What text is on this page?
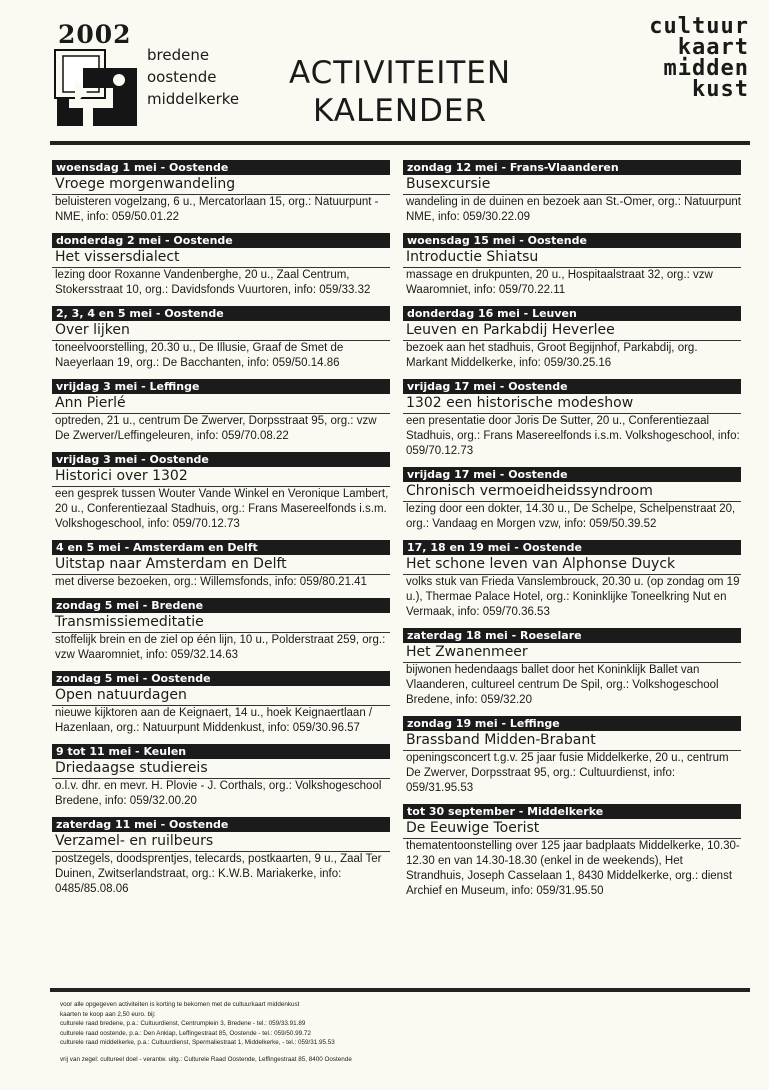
2002
bredene
oostende
middelkerke
ACTIVITEITEN
KALENDER
cultuur
kaart
midden
kust
woensdag 1 mei - Oostende
Vroege morgenwandeling
beluisteren vogelzang, 6 u., Mercatorlaan 15, org.: Natuurpunt - NME, info: 059/50.01.22
donderdag 2 mei - Oostende
Het vissersdialect
lezing door Roxanne Vandenberghe, 20 u., Zaal Centrum, Stokersstraat 10, org.: Davidsfonds Vuurtoren, info: 059/33.32
2, 3, 4 en 5 mei - Oostende
Over lijken
toneelvoorstelling, 20.30 u., De Illusie, Graaf de Smet de Naeyerlaan 19, org.: De Bacchanten, info: 059/50.14.86
vrijdag 3 mei - Leffinge
Ann Pierlé
optreden, 21 u., centrum De Zwerver, Dorpsstraat 95, org.: vzw De Zwerver/Leffingeleuren, info: 059/70.08.22
vrijdag 3 mei - Oostende
Historici over 1302
een gesprek tussen Wouter Vande Winkel en Veronique Lambert, 20 u., Conferentiezaal Stadhuis, org.: Frans Masereelfonds i.s.m. Volkshogeschool, info: 059/70.12.73
4 en 5 mei - Amsterdam en Delft
Uitstap naar Amsterdam en Delft
met diverse bezoeken, org.: Willemsfonds, info: 059/80.21.41
zondag 5 mei - Bredene
Transmissiemeditatie
stoffelijk brein en de ziel op één lijn, 10 u., Polderstraat 259, org.: vzw Waaromniet, info: 059/32.14.63
zondag 5 mei - Oostende
Open natuurdagen
nieuwe kijktoren aan de Keignaert, 14 u., hoek Keignaertlaan / Hazenlaan, org.: Natuurpunt Middenkust, info: 059/30.96.57
9 tot 11 mei - Keulen
Driedaagse studiereis
o.l.v. dhr. en mevr. H. Plovie - J. Corthals, org.: Volkshogeschool Bredene, info: 059/32.00.20
zaterdag 11 mei - Oostende
Verzamel- en ruilbeurs
postzegels, doodsprentjes, telecards, postkaarten, 9 u., Zaal Ter Duinen, Zwitserlandstraat, org.: K.W.B. Mariakerke, info: 0485/85.08.06
zondag 12 mei - Frans-Vlaanderen
Busexcursie
wandeling in de duinen en bezoek aan St.-Omer, org.: Natuurpunt NME, info: 059/30.22.09
woensdag 15 mei - Oostende
Introductie Shiatsu
massage en drukpunten, 20 u., Hospitaalstraat 32, org.: vzw Waaromniet, info: 059/70.22.11
donderdag 16 mei - Leuven
Leuven en Parkabdij Heverlee
bezoek aan het stadhuis, Groot Begijnhof, Parkabdij, org. Markant Middelkerke, info: 059/30.25.16
vrijdag 17 mei - Oostende
1302 een historische modeshow
een presentatie door Joris De Sutter, 20 u., Conferentiezaal Stadhuis, org.: Frans Masereelfonds i.s.m. Volkshogeschool, info: 059/70.12.73
vrijdag 17 mei - Oostende
Chronisch vermoeidheidssyndroom
lezing door een dokter, 14.30 u., De Schelpe, Schelpenstraat 20, org.: Vandaag en Morgen vzw, info: 059/50.39.52
17, 18 en 19 mei - Oostende
Het schone leven van Alphonse Duyck
volks stuk van Frieda Vanslembrouck, 20.30 u. (op zondag om 19 u.), Thermae Palace Hotel, org.: Koninklijke Toneelkring Nut en Vermaak, info: 059/70.36.53
zaterdag 18 mei - Roeselare
Het Zwanenmeer
bijwonen hedendaags ballet door het Koninklijk Ballet van Vlaanderen, cultureel centrum De Spil, org.: Volkshogeschool Bredene, info: 059/32.20
zondag 19 mei - Leffinge
Brassband Midden-Brabant
openingsconcert t.g.v. 25 jaar fusie Middelkerke, 20 u., centrum De Zwerver, Dorpsstraat 95, org.: Cultuurdienst, info: 059/31.95.53
tot 30 september - Middelkerke
De Eeuwige Toerist
thematentoonstelling over 125 jaar badplaats Middelkerke, 10.30-12.30 en van 14.30-18.30 (enkel in de weekends), Het Strandhuis, Joseph Casselaan 1, 8430 Middelkerke, org.: dienst Archief en Museum, info: 059/31.95.50
voor alle opgegeven activiteiten is korting te bekomen met de cultuurkaart middenkust
kaarten te koop aan 2,50 euro. bij:
culturele raad bredene, p.a.: Cultuurdienst, Centrumplein 3, Bredene - tel.: 059/33.91.89
culturele raad oostende, p.a.: Den Anklap, Leffingestraat 85, Oostende - tel.: 059/50.99.72
culturele raad middelkerke, p.a.: Cultuurdienst, Spermaliestraat 1, Middelkerke, - tel.: 059/31.95.53
vrij van zegel: cultureel doel - verantw. uitg.: Culturele Raad Oostende, Leffingestraat 85, 8400 Oostende
